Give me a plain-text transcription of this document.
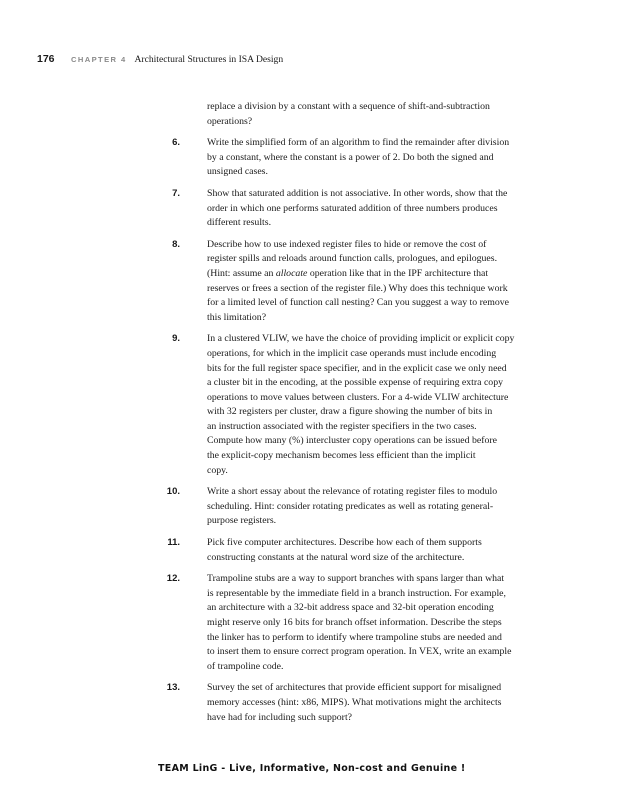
176 CHAPTER 4 Architectural Structures in ISA Design
replace a division by a constant with a sequence of shift-and-subtraction
operations?
6.	Write the simplified form of an algorithm to find the remainder after division
by a constant, where the constant is a power of 2. Do both the signed and
unsigned cases.
7.	Show that saturated addition is not associative. In other words, show that the
order in which one performs saturated addition of three numbers produces
different results.
8.	Describe how to use indexed register files to hide or remove the cost of
register spills and reloads around function calls, prologues, and epilogues.
(Hint: assume an allocate operation like that in the IPF architecture that
reserves or frees a section of the register file.) Why does this technique work
for a limited level of function call nesting? Can you suggest a way to remove
this limitation?
9.	In a clustered VLIW, we have the choice of providing implicit or explicit copy
operations, for which in the implicit case operands must include encoding
bits for the full register space specifier, and in the explicit case we only need
a cluster bit in the encoding, at the possible expense of requiring extra copy
operations to move values between clusters. For a 4-wide VLIW architecture
with 32 registers per cluster, draw a figure showing the number of bits in
an instruction associated with the register specifiers in the two cases.
Compute how many (%) intercluster copy operations can be issued before
the explicit-copy mechanism becomes less efficient than the implicit
copy.
10.	Write a short essay about the relevance of rotating register files to modulo
scheduling. Hint: consider rotating predicates as well as rotating general-
purpose registers.
11.	Pick five computer architectures. Describe how each of them supports
constructing constants at the natural word size of the architecture.
12.	Trampoline stubs are a way to support branches with spans larger than what
is representable by the immediate field in a branch instruction. For example,
an architecture with a 32-bit address space and 32-bit operation encoding
might reserve only 16 bits for branch offset information. Describe the steps
the linker has to perform to identify where trampoline stubs are needed and
to insert them to ensure correct program operation. In VEX, write an example
of trampoline code.
13.	Survey the set of architectures that provide efficient support for misaligned
memory accesses (hint: x86, MIPS). What motivations might the architects
have had for including such support?
TEAM LinG - Live, Informative, Non-cost and Genuine !
